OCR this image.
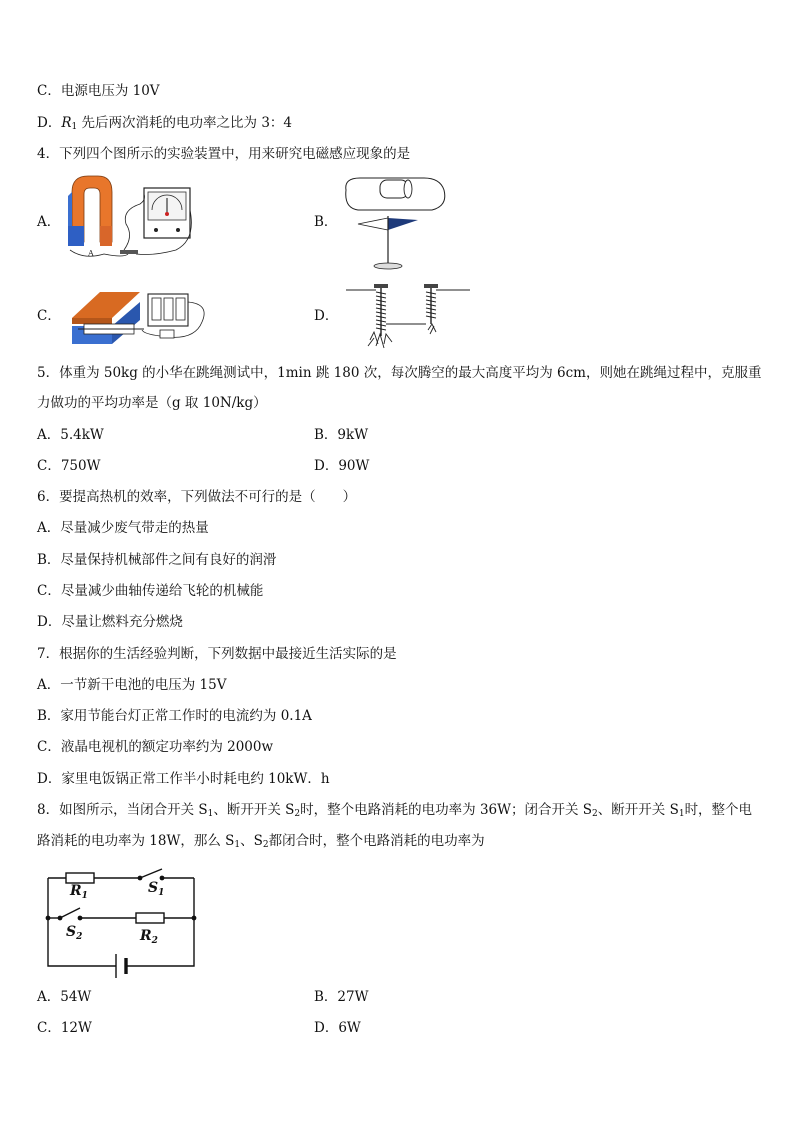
C．电源电压为 10V
D．$R_1$ 先后两次消耗的电功率之比为 3：4
4．下列四个图所示的实验装置中，用来研究电磁感应现象的是
A．	B．
C．	D．
A
5．体重为 50kg 的小华在跳绳测试中，1min 跳 180 次，每次腾空的最大高度平均为 6cm，则她在跳绳过程中，克服重
力做功的平均功率是（g 取 10N/kg）
A．5.4kW	B．9kW
C．750W	D．90W
6．要提高热机的效率，下列做法不可行的是（　　）
A．尽量减少废气带走的热量
B．尽量保持机械部件之间有良好的润滑
C．尽量减少曲轴传递给飞轮的机械能
D．尽量让燃料充分燃烧
7．根据你的生活经验判断，下列数据中最接近生活实际的是
A．一节新干电池的电压为 15V
B．家用节能台灯正常工作时的电流约为 0.1A
C．液晶电视机的额定功率约为 2000w
D．家里电饭锅正常工作半小时耗电约 10kW．h
8．如图所示，当闭合开关 $S_1$、断开开关 $S_2$时，整个电路消耗的电功率为 36W；闭合开关 $S_2$、断开开关 $S_1$时，整个电
路消耗的电功率为 18W，那么 $S_1$、$S_2$都闭合时，整个电路消耗的电功率为
$R_1$	$S_1$
$S_2$	$R_2$
A．54W	B．27W
C．12W	D．6W
